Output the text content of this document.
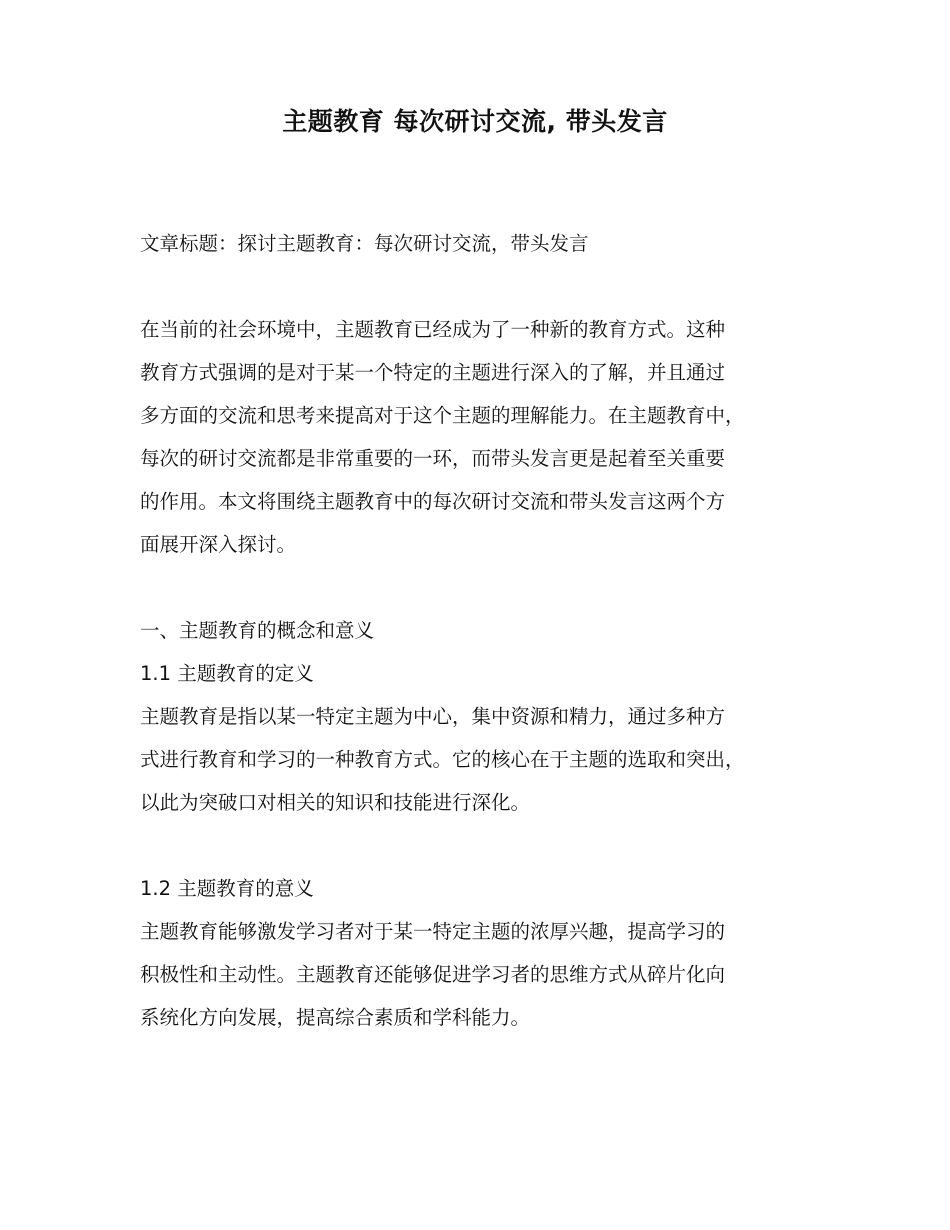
主题教育 每次研讨交流, 带头发言
文章标题：探讨主题教育：每次研讨交流，带头发言
在当前的社会环境中，主题教育已经成为了一种新的教育方式。这种
教育方式强调的是对于某一个特定的主题进行深入的了解，并且通过
多方面的交流和思考来提高对于这个主题的理解能力。在主题教育中，
每次的研讨交流都是非常重要的一环，而带头发言更是起着至关重要
的作用。本文将围绕主题教育中的每次研讨交流和带头发言这两个方
面展开深入探讨。
一、主题教育的概念和意义
1.1 主题教育的定义
主题教育是指以某一特定主题为中心，集中资源和精力，通过多种方
式进行教育和学习的一种教育方式。它的核心在于主题的选取和突出，
以此为突破口对相关的知识和技能进行深化。
1.2 主题教育的意义
主题教育能够激发学习者对于某一特定主题的浓厚兴趣，提高学习的
积极性和主动性。主题教育还能够促进学习者的思维方式从碎片化向
系统化方向发展，提高综合素质和学科能力。
